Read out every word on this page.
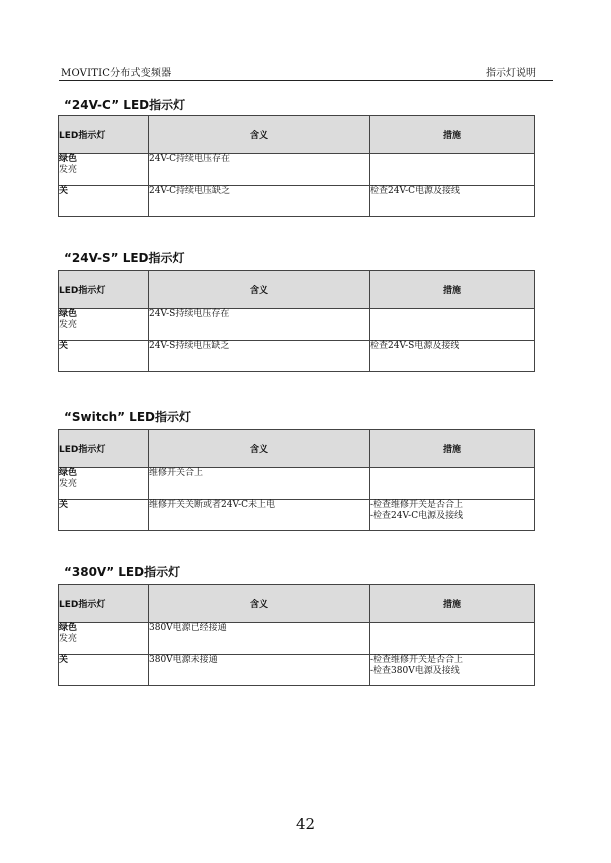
MOVITIC分布式变频器	指示灯说明
“24V-C” LED指示灯
LED指示灯	含义	措施

绿色
发亮	24V-C持续电压存在	

关	24V-C持续电压缺乏	检查24V-C电源及接线
“24V-S” LED指示灯
LED指示灯	含义	措施

绿色
发亮	24V-S持续电压存在	

关	24V-S持续电压缺乏	检查24V-S电源及接线
“Switch” LED指示灯
LED指示灯	含义	措施

绿色
发亮	维修开关合上	

关	维修开关关断或者24V-C未上电	-检查维修开关是否合上
-检查24V-C电源及接线
“380V” LED指示灯
LED指示灯	含义	措施

绿色
发亮	380V电源已经接通	

关	380V电源未接通	-检查维修开关是否合上
-检查380V电源及接线
42
